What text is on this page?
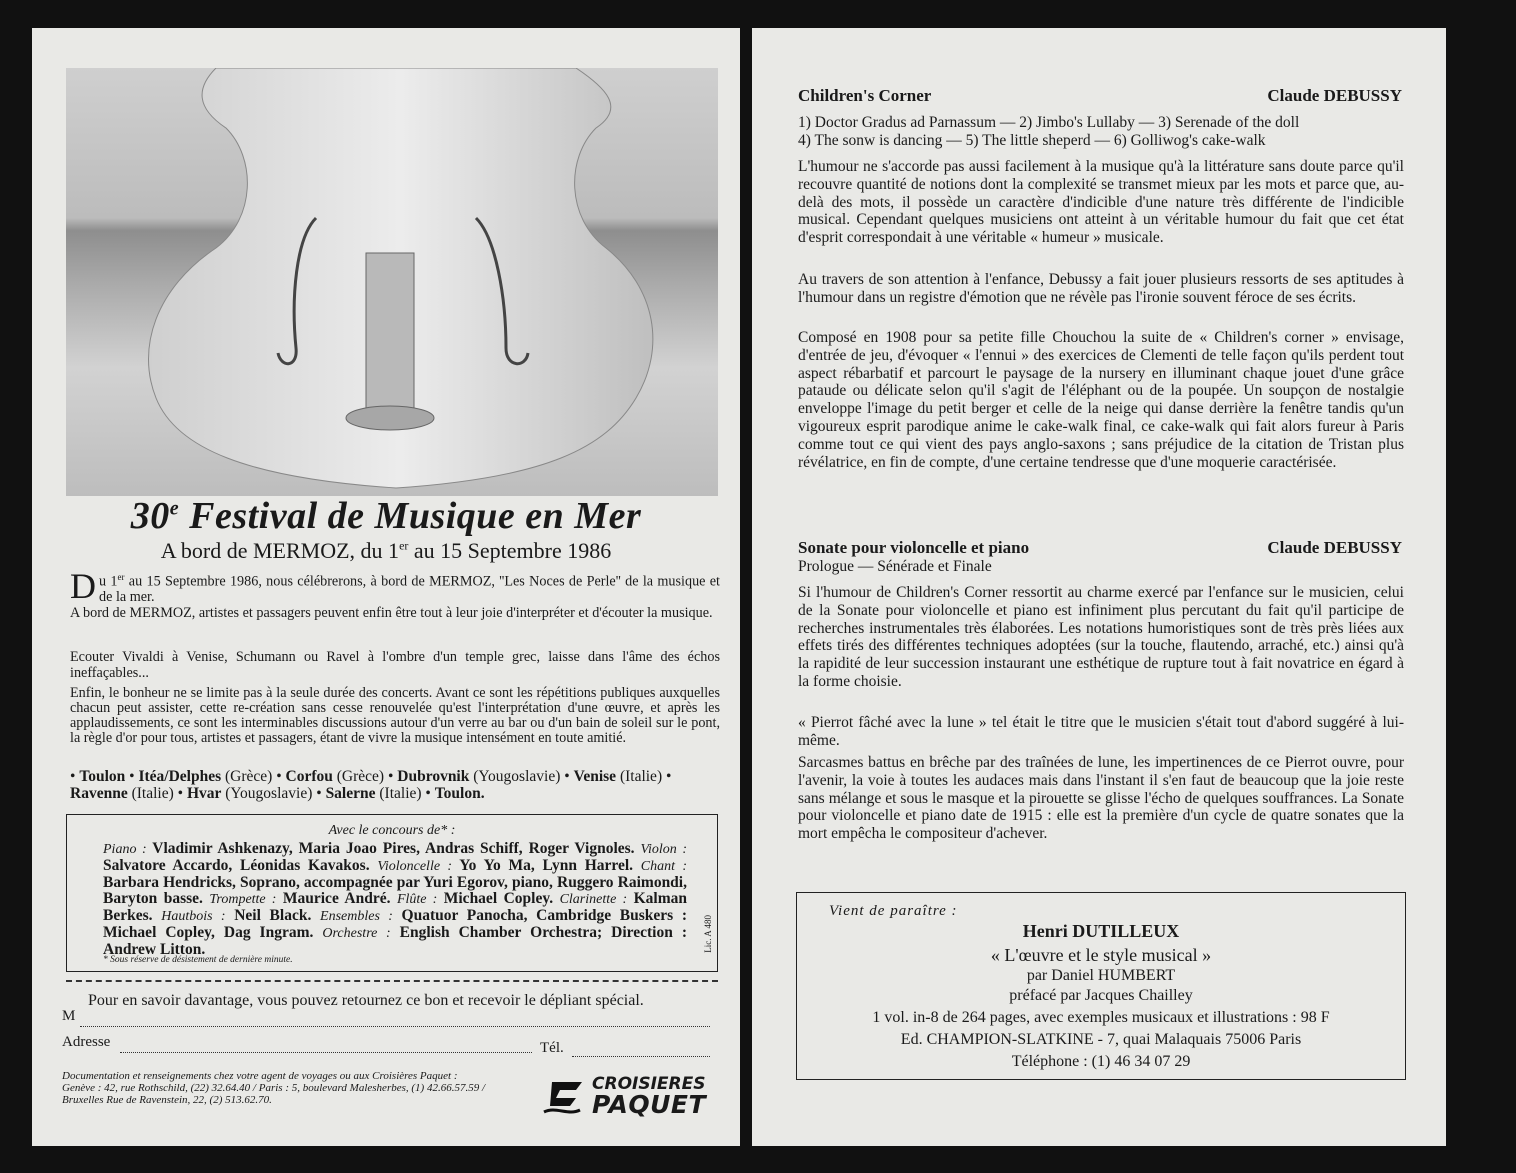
30e Festival de Musique en Mer
A bord de MERMOZ, du 1er au 15 Septembre 1986

Du 1er au 15 Septembre 1986, nous célébrerons, à bord de MERMOZ, ''Les Noces de Perle'' de la musique et de la mer.

A bord de MERMOZ, artistes et passagers peuvent enfin être tout à leur joie d'interpréter et d'écouter la musique.

Ecouter Vivaldi à Venise, Schumann ou Ravel à l'ombre d'un temple grec, laisse dans l'âme des échos ineffaçables...

Enfin, le bonheur ne se limite pas à la seule durée des concerts. Avant ce sont les répétitions publiques auxquelles chacun peut assister, cette re-création sans cesse renouvelée qu'est l'interprétation d'une œuvre, et après les applaudissements, ce sont les interminables discussions autour d'un verre au bar ou d'un bain de soleil sur le pont, la règle d'or pour tous, artistes et passagers, étant de vivre la musique intensément en toute amitié.

• Toulon • Itéa/Delphes (Grèce) • Corfou (Grèce) • Dubrovnik (Yougoslavie) • Venise (Italie) • Ravenne (Italie) • Hvar (Yougoslavie) • Salerne (Italie) • Toulon.
Avec le concours de* :
Piano : Vladimir Ashkenazy, Maria Joao Pires, Andras Schiff, Roger Vignoles. Violon : Salvatore Accardo, Léonidas Kavakos. Violoncelle : Yo Yo Ma, Lynn Harrel. Chant : Barbara Hendricks, Soprano, accompagnée par Yuri Egorov, piano, Ruggero Raimondi, Baryton basse. Trompette : Maurice André. Flûte : Michael Copley. Clarinette : Kalman Berkes. Hautbois : Neil Black. Ensembles : Quatuor Panocha, Cambridge Buskers : Michael Copley, Dag Ingram. Orchestre : English Chamber Orchestra; Direction : Andrew Litton.
* Sous réserve de désistement de dernière minute.
Lic. A 480
Pour en savoir davantage, vous pouvez retournez ce bon et recevoir le dépliant spécial.
M
Adresse	Tél.
Documentation et renseignements chez votre agent de voyages ou aux Croisières Paquet : Genève : 42, rue Rothschild, (22) 32.64.40 / Paris : 5, boulevard Malesherbes, (1) 42.66.57.59 / Bruxelles Rue de Ravenstein, 22, (2) 513.62.70.
CROISIERES
PAQUET
Children's Corner	Claude DEBUSSY

1) Doctor Gradus ad Parnassum — 2) Jimbo's Lullaby — 3) Serenade of the doll

4) The sonw is dancing — 5) The little sheperd — 6) Golliwog's cake-walk

L'humour ne s'accorde pas aussi facilement à la musique qu'à la littérature sans doute parce qu'il recouvre quantité de notions dont la complexité se transmet mieux par les mots et parce que, au-delà des mots, il possède un caractère d'indicible d'une nature très différente de l'indicible musical. Cependant quelques musiciens ont atteint à un véritable humour du fait que cet état d'esprit correspondait à une véritable « humeur » musicale.

Au travers de son attention à l'enfance, Debussy a fait jouer plusieurs ressorts de ses aptitudes à l'humour dans un registre d'émotion que ne révèle pas l'ironie souvent féroce de ses écrits.

Composé en 1908 pour sa petite fille Chouchou la suite de « Children's corner » envisage, d'entrée de jeu, d'évoquer « l'ennui » des exercices de Clementi de telle façon qu'ils perdent tout aspect rébarbatif et parcourt le paysage de la nursery en illuminant chaque jouet d'une grâce pataude ou délicate selon qu'il s'agit de l'éléphant ou de la poupée. Un soupçon de nostalgie enveloppe l'image du petit berger et celle de la neige qui danse derrière la fenêtre tandis qu'un vigoureux esprit parodique anime le cake-walk final, ce cake-walk qui fait alors fureur à Paris comme tout ce qui vient des pays anglo-saxons ; sans préjudice de la citation de Tristan plus révélatrice, en fin de compte, d'une certaine tendresse que d'une moquerie caractérisée.

Sonate pour violoncelle et piano	Claude DEBUSSY

Prologue — Sénérade et Finale

Si l'humour de Children's Corner ressortit au charme exercé par l'enfance sur le musicien, celui de la Sonate pour violoncelle et piano est infiniment plus percutant du fait qu'il participe de recherches instrumentales très élaborées. Les notations humoristiques sont de très près liées aux effets tirés des différentes techniques adoptées (sur la touche, flautendo, arraché, etc.) ainsi qu'à la rapidité de leur succession instaurant une esthétique de rupture tout à fait novatrice en égard à la forme choisie.

« Pierrot fâché avec la lune » tel était le titre que le musicien s'était tout d'abord suggéré à lui-même.

Sarcasmes battus en brêche par des traînées de lune, les impertinences de ce Pierrot ouvre, pour l'avenir, la voie à toutes les audaces mais dans l'instant il s'en faut de beaucoup que la joie reste sans mélange et sous le masque et la pirouette se glisse l'écho de quelques souffrances. La Sonate pour violoncelle et piano date de 1915 : elle est la première d'un cycle de quatre sonates que la mort empêcha le compositeur d'achever.

Vient de paraître :
Henri DUTILLEUX
« L'œuvre et le style musical »
par Daniel HUMBERT
préfacé par Jacques Chailley
1 vol. in-8 de 264 pages, avec exemples musicaux et illustrations : 98 F
Ed. CHAMPION-SLATKINE - 7, quai Malaquais 75006 Paris
Téléphone : (1) 46 34 07 29
